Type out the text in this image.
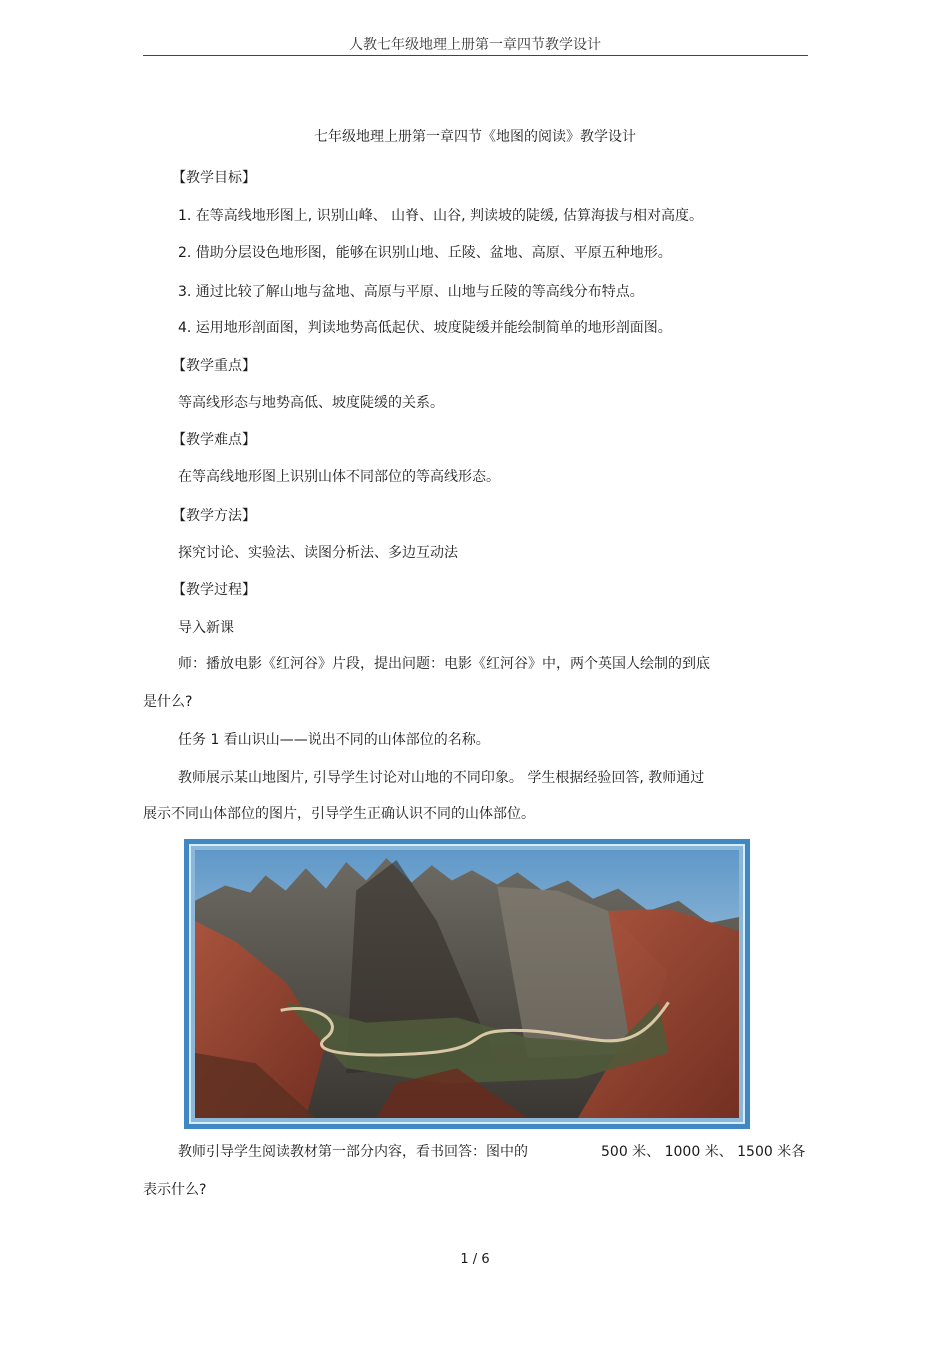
人教七年级地理上册第一章四节教学设计
七年级地理上册第一章四节《地图的阅读》教学设计
【教学目标】
1. 在等高线地形图上, 识别山峰、 山脊、山谷, 判读坡的陡缓, 估算海拔与相对高度。
2. 借助分层设色地形图，能够在识别山地、丘陵、盆地、高原、平原五种地形。
3. 通过比较了解山地与盆地、高原与平原、山地与丘陵的等高线分布特点。
4. 运用地形剖面图，判读地势高低起伏、坡度陡缓并能绘制简单的地形剖面图。
【教学重点】
等高线形态与地势高低、坡度陡缓的关系。
【教学难点】
在等高线地形图上识别山体不同部位的等高线形态。
【教学方法】
探究讨论、实验法、读图分析法、多边互动法
【教学过程】
导入新课
师：播放电影《红河谷》片段，提出问题：电影《红河谷》中，两个英国人绘制的到底
是什么?
任务 1 看山识山——说出不同的山体部位的名称。
教师展示某山地图片, 引导学生讨论对山地的不同印象。 学生根据经验回答, 教师通过
展示不同山体部位的图片，引导学生正确认识不同的山体部位。
教师引导学生阅读教材第一部分内容，看书回答：图中的	500 米、 1000 米、 1500 米各
表示什么?
1 / 6
